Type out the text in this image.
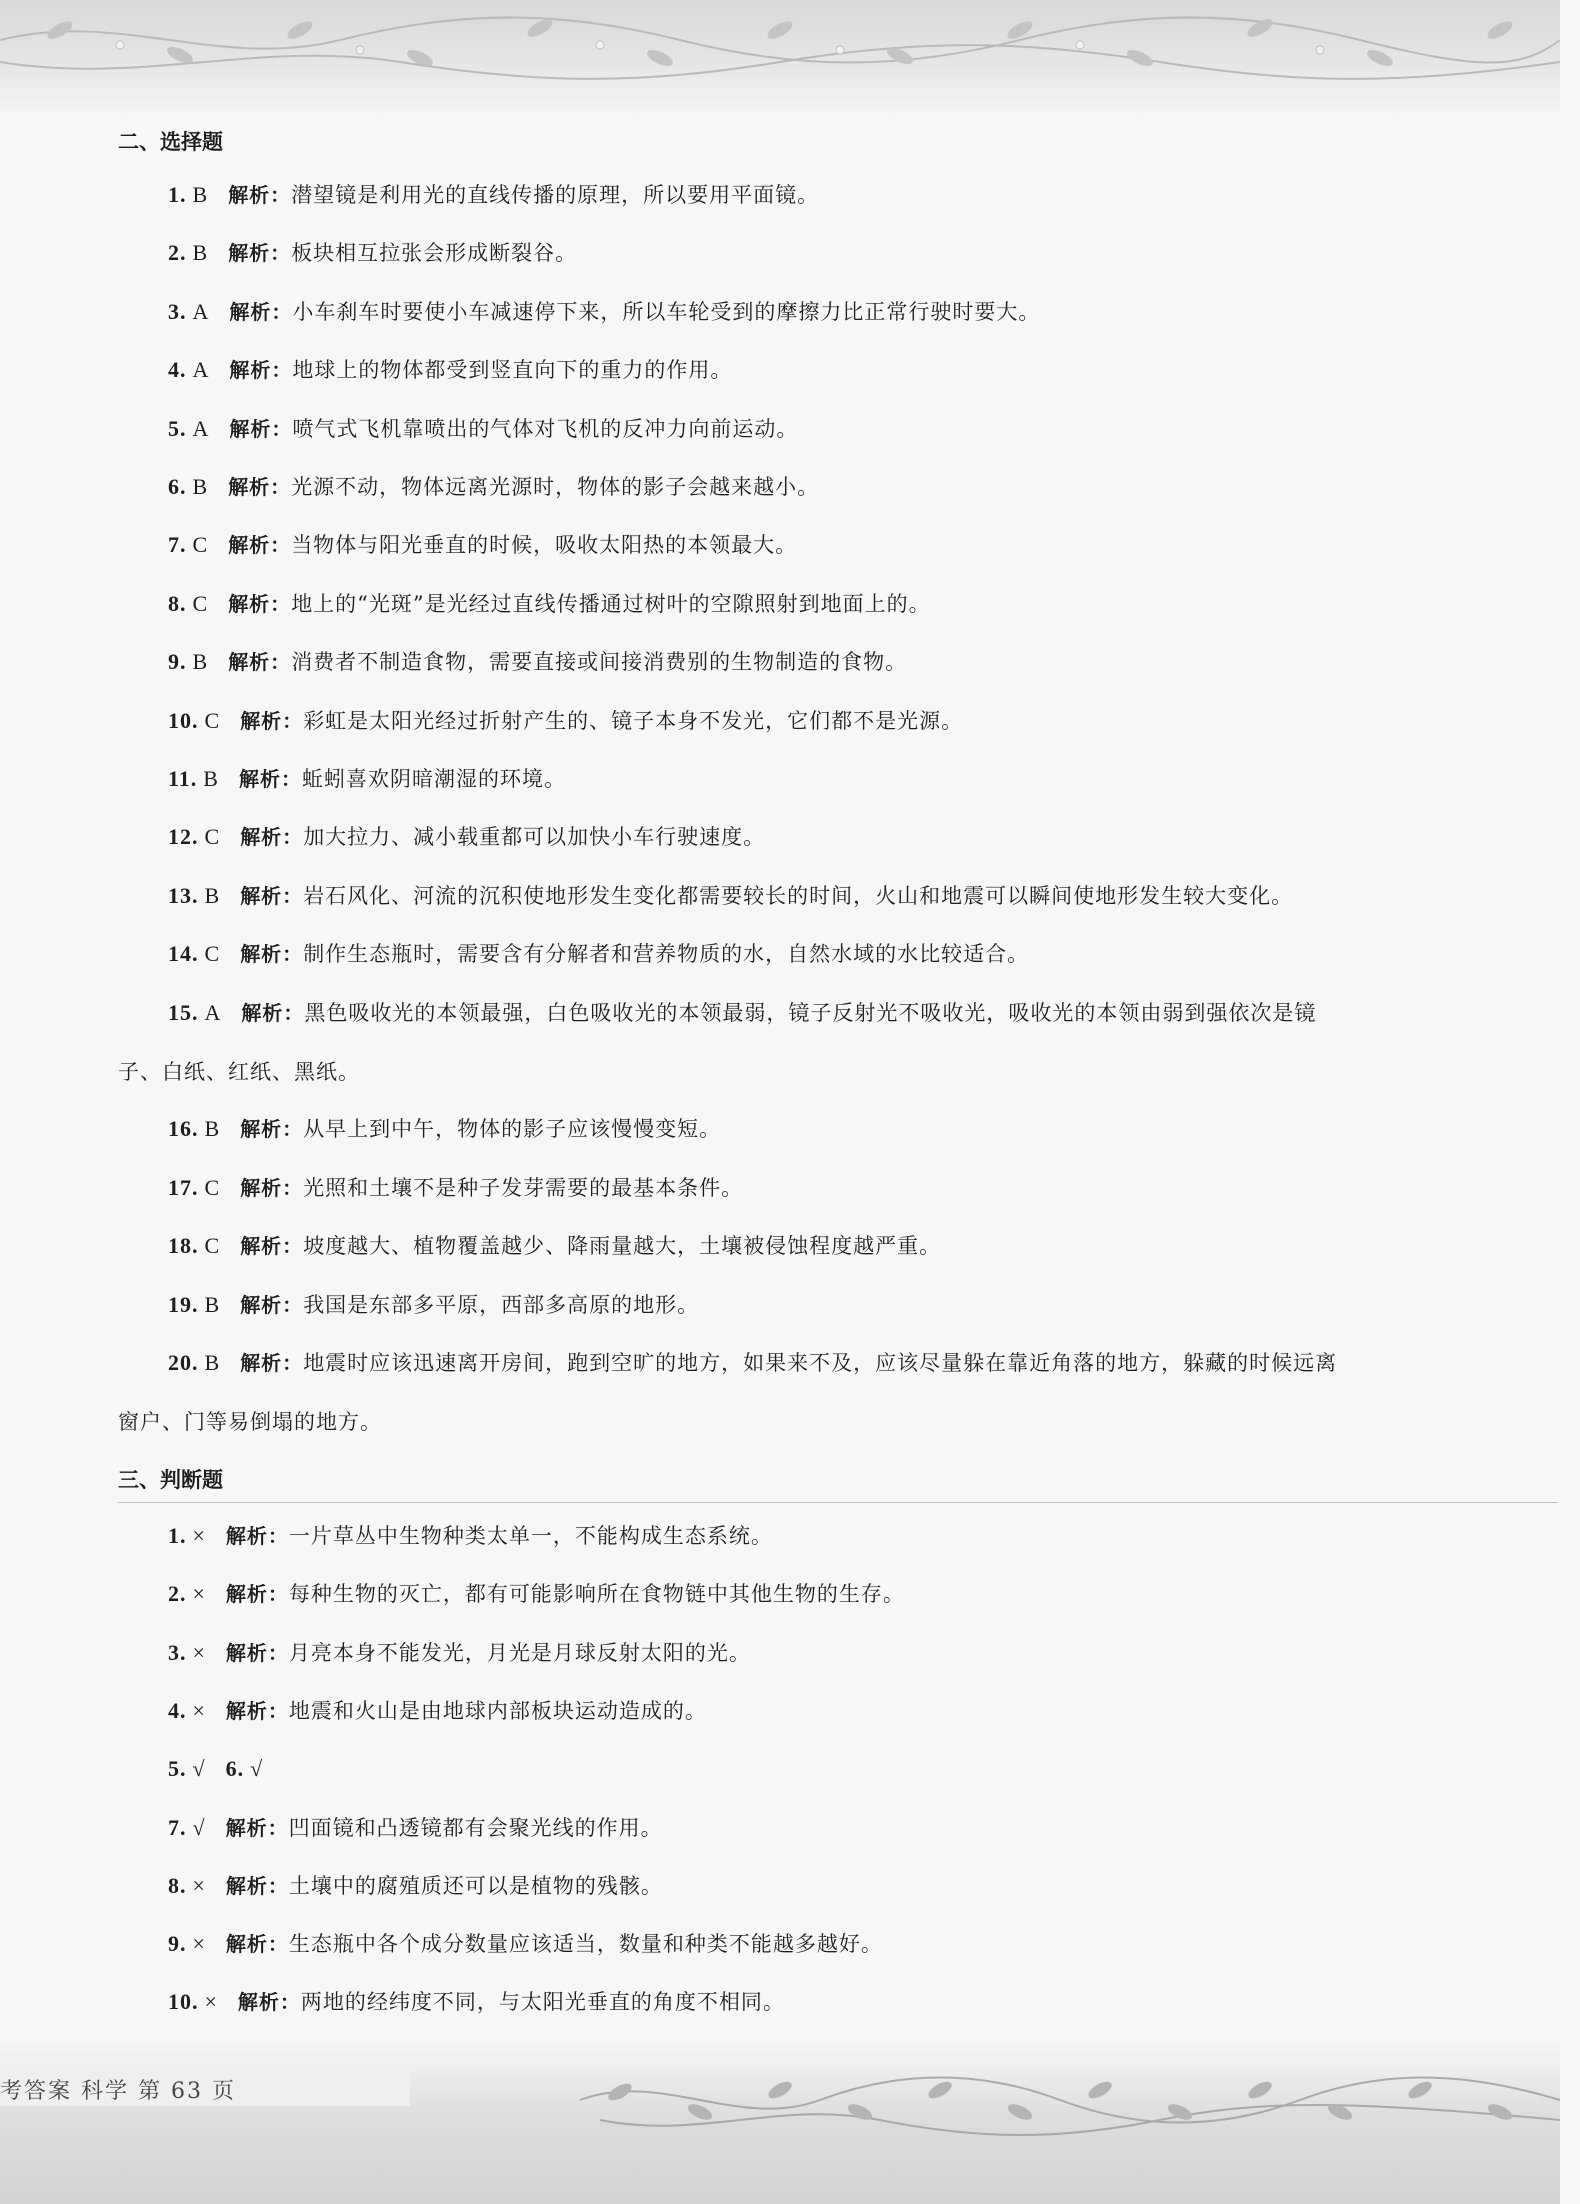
考答案 科学 第 63 页
二、选择题
1. B 解析：潜望镜是利用光的直线传播的原理，所以要用平面镜。
2. B 解析：板块相互拉张会形成断裂谷。
3. A 解析：小车刹车时要使小车减速停下来，所以车轮受到的摩擦力比正常行驶时要大。
4. A 解析：地球上的物体都受到竖直向下的重力的作用。
5. A 解析：喷气式飞机靠喷出的气体对飞机的反冲力向前运动。
6. B 解析：光源不动，物体远离光源时，物体的影子会越来越小。
7. C 解析：当物体与阳光垂直的时候，吸收太阳热的本领最大。
8. C 解析：地上的“光斑”是光经过直线传播通过树叶的空隙照射到地面上的。
9. B 解析：消费者不制造食物，需要直接或间接消费别的生物制造的食物。
10. C 解析：彩虹是太阳光经过折射产生的、镜子本身不发光，它们都不是光源。
11. B 解析：蚯蚓喜欢阴暗潮湿的环境。
12. C 解析：加大拉力、减小载重都可以加快小车行驶速度。
13. B 解析：岩石风化、河流的沉积使地形发生变化都需要较长的时间，火山和地震可以瞬间使地形发生较大变化。
14. C 解析：制作生态瓶时，需要含有分解者和营养物质的水，自然水域的水比较适合。
15. A 解析：黑色吸收光的本领最强，白色吸收光的本领最弱，镜子反射光不吸收光，吸收光的本领由弱到强依次是镜
子、白纸、红纸、黑纸。
16. B 解析：从早上到中午，物体的影子应该慢慢变短。
17. C 解析：光照和土壤不是种子发芽需要的最基本条件。
18. C 解析：坡度越大、植物覆盖越少、降雨量越大，土壤被侵蚀程度越严重。
19. B 解析：我国是东部多平原，西部多高原的地形。
20. B 解析：地震时应该迅速离开房间，跑到空旷的地方，如果来不及，应该尽量躲在靠近角落的地方，躲藏的时候远离
窗户、门等易倒塌的地方。
三、判断题
1. × 解析：一片草丛中生物种类太单一，不能构成生态系统。
2. × 解析：每种生物的灭亡，都有可能影响所在食物链中其他生物的生存。
3. × 解析：月亮本身不能发光，月光是月球反射太阳的光。
4. × 解析：地震和火山是由地球内部板块运动造成的。
5. √ 6. √
7. √ 解析：凹面镜和凸透镜都有会聚光线的作用。
8. × 解析：土壤中的腐殖质还可以是植物的残骸。
9. × 解析：生态瓶中各个成分数量应该适当，数量和种类不能越多越好。
10. × 解析：两地的经纬度不同，与太阳光垂直的角度不相同。
